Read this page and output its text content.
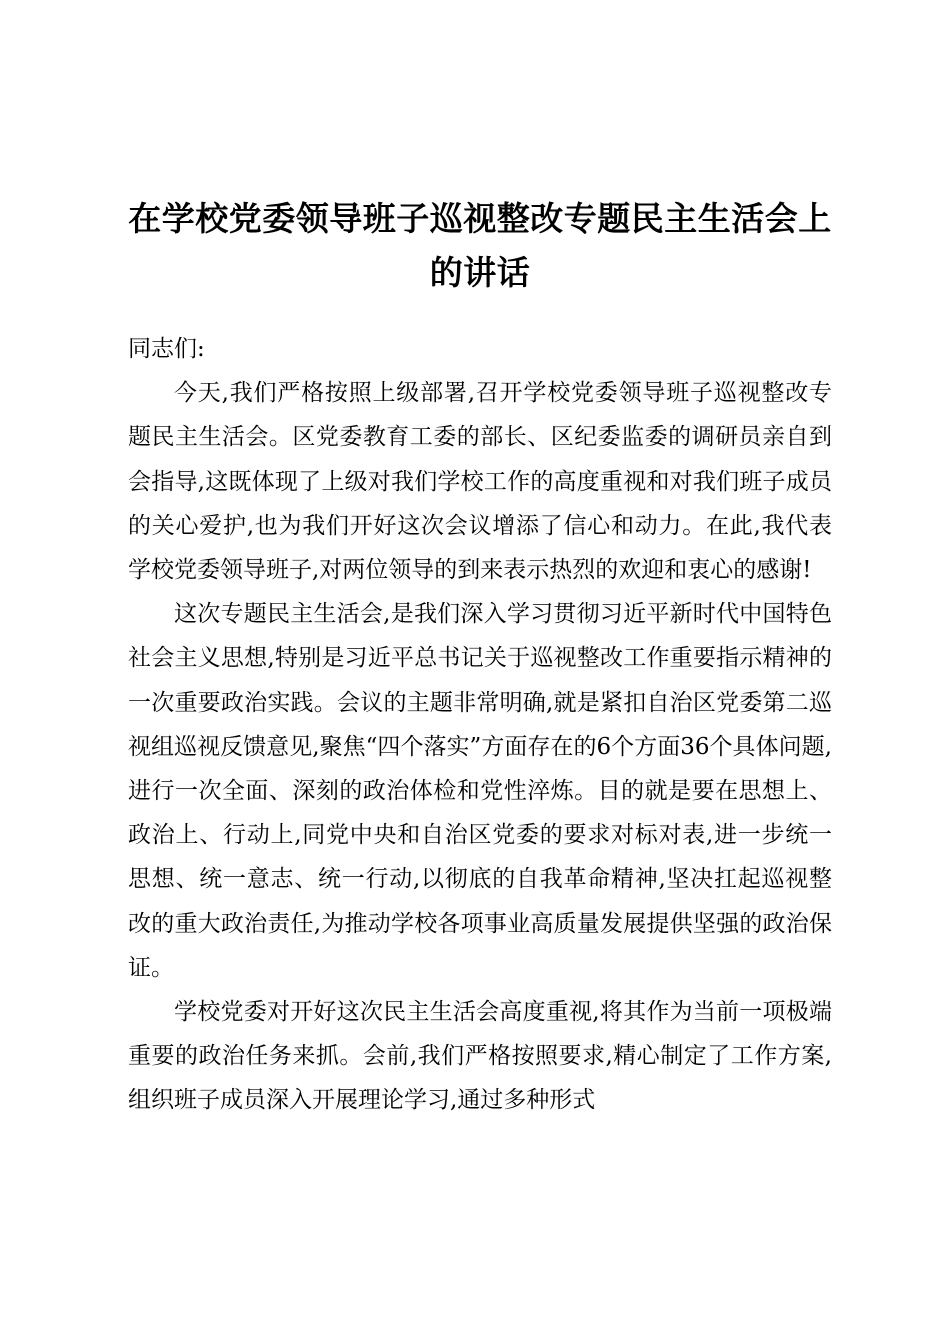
在学校党委领导班子巡视整改专题民主生活会上的讲话

同志们:

今天,我们严格按照上级部署,召开学校党委领导班子巡视整改专题民主生活会。区党委教育工委的部长、区纪委监委的调研员亲自到会指导,这既体现了上级对我们学校工作的高度重视和对我们班子成员的关心爱护,也为我们开好这次会议增添了信心和动力。在此,我代表学校党委领导班子,对两位领导的到来表示热烈的欢迎和衷心的感谢!

这次专题民主生活会,是我们深入学习贯彻习近平新时代中国特色社会主义思想,特别是习近平总书记关于巡视整改工作重要指示精神的一次重要政治实践。会议的主题非常明确,就是紧扣自治区党委第二巡视组巡视反馈意见,聚焦“四个落实”方面存在的6个方面36个具体问题,进行一次全面、深刻的政治体检和党性淬炼。目的就是要在思想上、政治上、行动上,同党中央和自治区党委的要求对标对表,进一步统一思想、统一意志、统一行动,以彻底的自我革命精神,坚决扛起巡视整改的重大政治责任,为推动学校各项事业高质量发展提供坚强的政治保证。

学校党委对开好这次民主生活会高度重视,将其作为当前一项极端重要的政治任务来抓。会前,我们严格按照要求,精心制定了工作方案,组织班子成员深入开展理论学习,通过多种形式
